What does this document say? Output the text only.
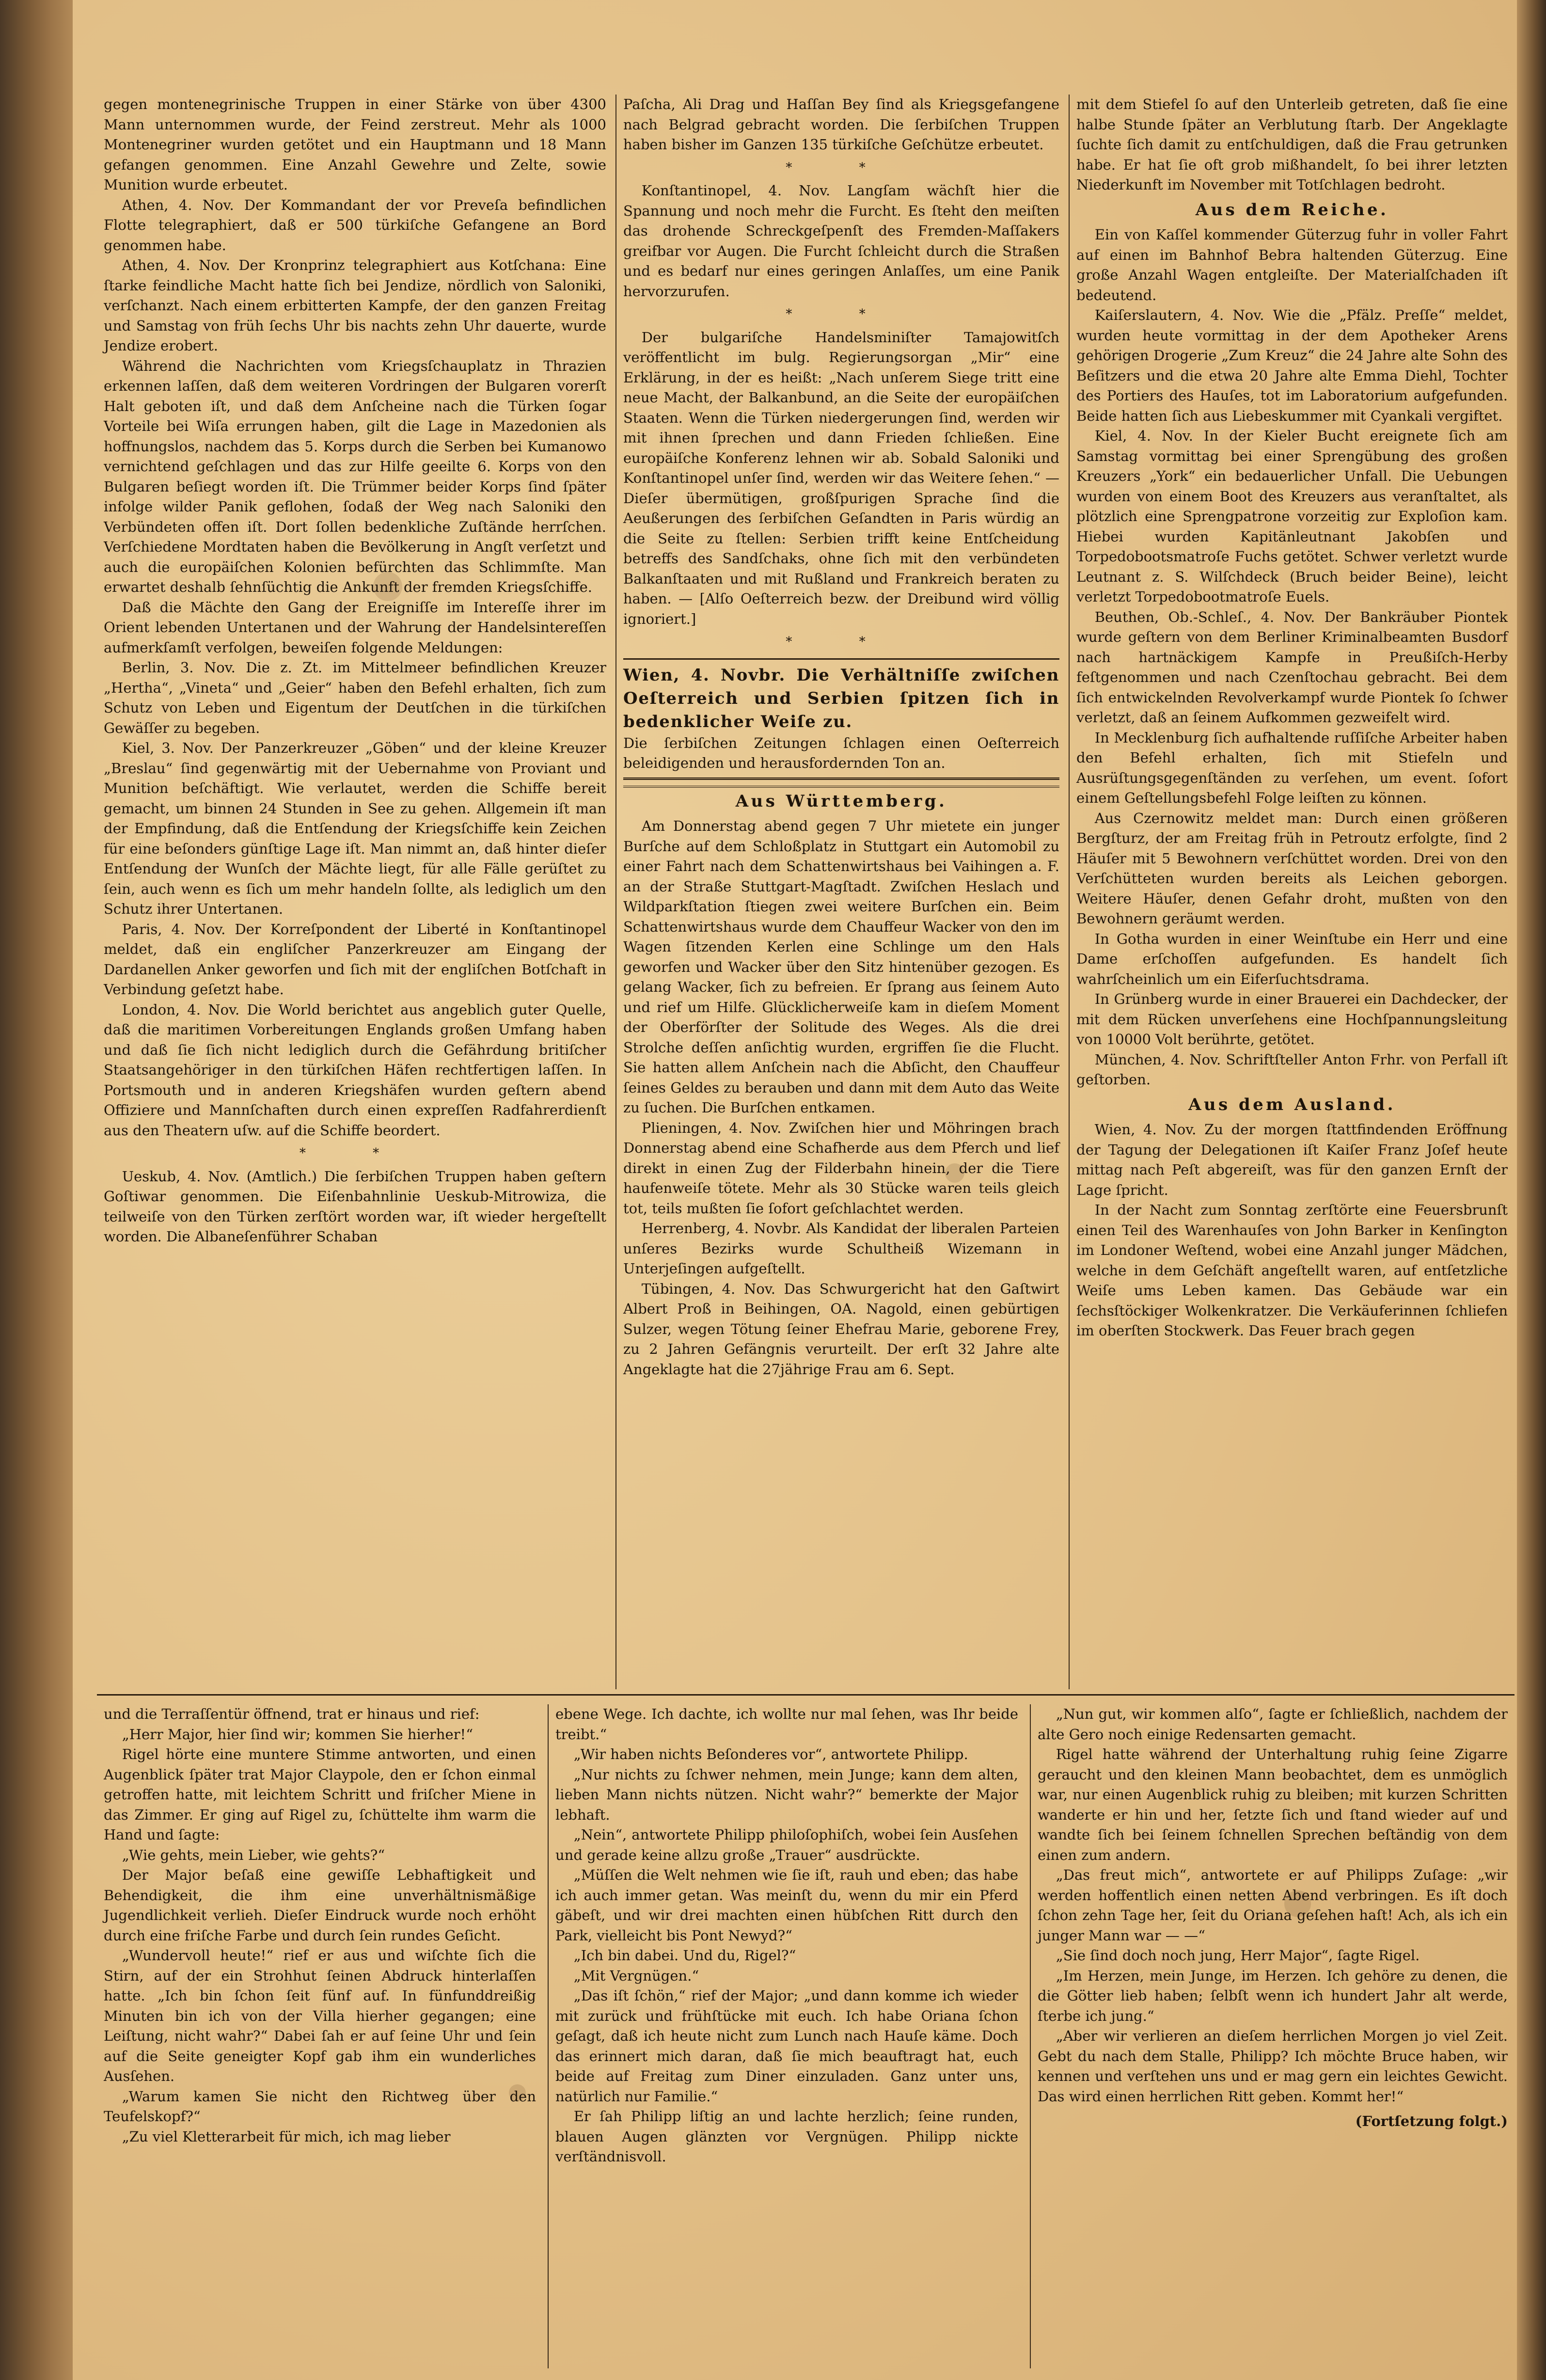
gegen montenegrinische Truppen in einer Stärke von über 4300 Mann unternommen wurde, der Feind zerstreut. Mehr als 1000 Montenegriner wurden getötet und ein Hauptmann und 18 Mann gefangen genommen. Eine Anzahl Gewehre und Zelte, sowie Munition wurde erbeutet.

Athen, 4. Nov. Der Kommandant der vor Preveſa befindlichen Flotte telegraphiert, daß er 500 türkiſche Gefangene an Bord genommen habe.

Athen, 4. Nov. Der Kronprinz telegraphiert aus Kotſchana: Eine ſtarke feindliche Macht hatte ſich bei Jendize, nördlich von Saloniki, verſchanzt. Nach einem erbitterten Kampfe, der den ganzen Freitag und Samstag von früh ſechs Uhr bis nachts zehn Uhr dauerte, wurde Jendize erobert.

Während die Nachrichten vom Kriegsſchauplatz in Thrazien erkennen laſſen, daß dem weiteren Vordringen der Bulgaren vorerſt Halt geboten iſt, und daß dem Anſcheine nach die Türken ſogar Vorteile bei Wiſa errungen haben, gilt die Lage in Mazedonien als hoffnungslos, nachdem das 5. Korps durch die Serben bei Kumanowo vernichtend geſchlagen und das zur Hilfe geeilte 6. Korps von den Bulgaren beſiegt worden iſt. Die Trümmer beider Korps ſind ſpäter infolge wilder Panik geflohen, ſodaß der Weg nach Saloniki den Verbündeten offen iſt. Dort ſollen bedenkliche Zuſtände herrſchen. Verſchiedene Mordtaten haben die Bevölkerung in Angſt verſetzt und auch die europäiſchen Kolonien befürchten das Schlimmſte. Man erwartet deshalb ſehnſüchtig die Ankunft der fremden Kriegsſchiffe.

Daß die Mächte den Gang der Ereigniſſe im Intereſſe ihrer im Orient lebenden Untertanen und der Wahrung der Handelsintereſſen aufmerkſamſt verfolgen, beweiſen folgende Meldungen:

Berlin, 3. Nov. Die z. Zt. im Mittelmeer befindlichen Kreuzer „Hertha“, „Vineta“ und „Geier“ haben den Befehl erhalten, ſich zum Schutz von Leben und Eigentum der Deutſchen in die türkiſchen Gewäſſer zu begeben.

Kiel, 3. Nov. Der Panzerkreuzer „Göben“ und der kleine Kreuzer „Breslau“ ſind gegenwärtig mit der Uebernahme von Proviant und Munition beſchäftigt. Wie verlautet, werden die Schiffe bereit gemacht, um binnen 24 Stunden in See zu gehen. Allgemein iſt man der Empfindung, daß die Entſendung der Kriegsſchiffe kein Zeichen für eine beſonders günſtige Lage iſt. Man nimmt an, daß hinter dieſer Entſendung der Wunſch der Mächte liegt, für alle Fälle gerüſtet zu ſein, auch wenn es ſich um mehr handeln ſollte, als lediglich um den Schutz ihrer Untertanen.

Paris, 4. Nov. Der Korreſpondent der Liberté in Konſtantinopel meldet, daß ein engliſcher Panzerkreuzer am Eingang der Dardanellen Anker geworfen und ſich mit der engliſchen Botſchaft in Verbindung geſetzt habe.

London, 4. Nov. Die World berichtet aus angeblich guter Quelle, daß die maritimen Vorbereitungen Englands großen Umfang haben und daß ſie ſich nicht lediglich durch die Gefährdung britiſcher Staatsangehöriger in den türkiſchen Häfen rechtfertigen laſſen. In Portsmouth und in anderen Kriegshäfen wurden geſtern abend Offiziere und Mannſchaften durch einen expreſſen Radfahrerdienſt aus den Theatern uſw. auf die Schiffe beordert.

* *

Ueskub, 4. Nov. (Amtlich.) Die ſerbiſchen Truppen haben geſtern Goſtiwar genommen. Die Eiſenbahnlinie Ueskub-Mitrowiza, die teilweiſe von den Türken zerſtört worden war, iſt wieder hergeſtellt worden. Die Albaneſenführer Schaban

Paſcha, Ali Drag und Haſſan Bey ſind als Kriegsgefangene nach Belgrad gebracht worden. Die ſerbiſchen Truppen haben bisher im Ganzen 135 türkiſche Geſchütze erbeutet.

* *

Konſtantinopel, 4. Nov. Langſam wächſt hier die Spannung und noch mehr die Furcht. Es ſteht den meiſten das drohende Schreckgeſpenſt des Fremden-Maſſakers greifbar vor Augen. Die Furcht ſchleicht durch die Straßen und es bedarf nur eines geringen Anlaſſes, um eine Panik hervorzurufen.

* *

Der bulgariſche Handelsminiſter Tamajowitſch veröffentlicht im bulg. Regierungsorgan „Mir“ eine Erklärung, in der es heißt: „Nach unſerem Siege tritt eine neue Macht, der Balkanbund, an die Seite der europäiſchen Staaten. Wenn die Türken niedergerungen ſind, werden wir mit ihnen ſprechen und dann Frieden ſchließen. Eine europäiſche Konferenz lehnen wir ab. Sobald Saloniki und Konſtantinopel unſer ſind, werden wir das Weitere ſehen.“ — Dieſer übermütigen, großſpurigen Sprache ſind die Aeußerungen des ſerbiſchen Geſandten in Paris würdig an die Seite zu ſtellen: Serbien trifft keine Entſcheidung betreffs des Sandſchaks, ohne ſich mit den verbündeten Balkanſtaaten und mit Rußland und Frankreich beraten zu haben. — [Alſo Oeſterreich bezw. der Dreibund wird völlig ignoriert.]

* *

Wien, 4. Novbr. Die Verhältniſſe zwiſchen Oeſterreich und Serbien ſpitzen ſich in bedenklicher Weiſe zu.

Die ſerbiſchen Zeitungen ſchlagen einen Oeſterreich beleidigenden und herausfordernden Ton an.

Aus Württemberg.

Am Donnerstag abend gegen 7 Uhr mietete ein junger Burſche auf dem Schloßplatz in Stuttgart ein Automobil zu einer Fahrt nach dem Schattenwirtshaus bei Vaihingen a. F. an der Straße Stuttgart-Magſtadt. Zwiſchen Heslach und Wildparkſtation ſtiegen zwei weitere Burſchen ein. Beim Schattenwirtshaus wurde dem Chauffeur Wacker von den im Wagen ſitzenden Kerlen eine Schlinge um den Hals geworfen und Wacker über den Sitz hintenüber gezogen. Es gelang Wacker, ſich zu befreien. Er ſprang aus ſeinem Auto und rief um Hilfe. Glücklicherweiſe kam in dieſem Moment der Oberförſter der Solitude des Weges. Als die drei Strolche deſſen anſichtig wurden, ergriffen ſie die Flucht. Sie hatten allem Anſchein nach die Abſicht, den Chauffeur ſeines Geldes zu berauben und dann mit dem Auto das Weite zu ſuchen. Die Burſchen entkamen.

Plieningen, 4. Nov. Zwiſchen hier und Möhringen brach Donnerstag abend eine Schafherde aus dem Pferch und lief direkt in einen Zug der Filderbahn hinein, der die Tiere haufenweiſe tötete. Mehr als 30 Stücke waren teils gleich tot, teils mußten ſie ſofort geſchlachtet werden.

Herrenberg, 4. Novbr. Als Kandidat der liberalen Parteien unſeres Bezirks wurde Schultheiß Wizemann in Unterjeſingen aufgeſtellt.

Tübingen, 4. Nov. Das Schwurgericht hat den Gaſtwirt Albert Proß in Beihingen, OA. Nagold, einen gebürtigen Sulzer, wegen Tötung ſeiner Ehefrau Marie, geborene Frey, zu 2 Jahren Gefängnis verurteilt. Der erſt 32 Jahre alte Angeklagte hat die 27jährige Frau am 6. Sept.

mit dem Stiefel ſo auf den Unterleib getreten, daß ſie eine halbe Stunde ſpäter an Verblutung ſtarb. Der Angeklagte ſuchte ſich damit zu entſchuldigen, daß die Frau getrunken habe. Er hat ſie oft grob mißhandelt, ſo bei ihrer letzten Niederkunft im November mit Totſchlagen bedroht.

Aus dem Reiche.

Ein von Kaſſel kommender Güterzug fuhr in voller Fahrt auf einen im Bahnhof Bebra haltenden Güterzug. Eine große Anzahl Wagen entgleiſte. Der Materialſchaden iſt bedeutend.

Kaiſerslautern, 4. Nov. Wie die „Pfälz. Preſſe“ meldet, wurden heute vormittag in der dem Apotheker Arens gehörigen Drogerie „Zum Kreuz“ die 24 Jahre alte Sohn des Beſitzers und die etwa 20 Jahre alte Emma Diehl, Tochter des Portiers des Hauſes, tot im Laboratorium aufgefunden. Beide hatten ſich aus Liebeskummer mit Cyankali vergiftet.

Kiel, 4. Nov. In der Kieler Bucht ereignete ſich am Samstag vormittag bei einer Sprengübung des großen Kreuzers „York“ ein bedauerlicher Unfall. Die Uebungen wurden von einem Boot des Kreuzers aus veranſtaltet, als plötzlich eine Sprengpatrone vorzeitig zur Exploſion kam. Hiebei wurden Kapitänleutnant Jakobſen und Torpedobootsmatroſe Fuchs getötet. Schwer verletzt wurde Leutnant z. S. Wilſchdeck (Bruch beider Beine), leicht verletzt Torpedobootmatroſe Euels.

Beuthen, Ob.-Schleſ., 4. Nov. Der Bankräuber Piontek wurde geſtern von dem Berliner Kriminalbeamten Busdorf nach hartnäckigem Kampfe in Preußiſch-Herby feſtgenommen und nach Czenſtochau gebracht. Bei dem ſich entwickelnden Revolverkampf wurde Piontek ſo ſchwer verletzt, daß an ſeinem Aufkommen gezweifelt wird.

In Mecklenburg ſich aufhaltende ruſſiſche Arbeiter haben den Befehl erhalten, ſich mit Stiefeln und Ausrüſtungsgegenſtänden zu verſehen, um event. ſofort einem Geſtellungsbefehl Folge leiſten zu können.

Aus Czernowitz meldet man: Durch einen größeren Bergſturz, der am Freitag früh in Petroutz erfolgte, ſind 2 Häuſer mit 5 Bewohnern verſchüttet worden. Drei von den Verſchütteten wurden bereits als Leichen geborgen. Weitere Häuſer, denen Gefahr droht, mußten von den Bewohnern geräumt werden.

In Gotha wurden in einer Weinſtube ein Herr und eine Dame erſchoſſen aufgefunden. Es handelt ſich wahrſcheinlich um ein Eiferſuchtsdrama.

In Grünberg wurde in einer Brauerei ein Dachdecker, der mit dem Rücken unverſehens eine Hochſpannungsleitung von 10000 Volt berührte, getötet.

München, 4. Nov. Schriftſteller Anton Frhr. von Perfall iſt geſtorben.

Aus dem Ausland.

Wien, 4. Nov. Zu der morgen ſtattfindenden Eröffnung der Tagung der Delegationen iſt Kaiſer Franz Joſef heute mittag nach Peſt abgereiſt, was für den ganzen Ernſt der Lage ſpricht.

In der Nacht zum Sonntag zerſtörte eine Feuersbrunſt einen Teil des Warenhauſes von John Barker in Kenſington im Londoner Weſtend, wobei eine Anzahl junger Mädchen, welche in dem Geſchäft angeſtellt waren, auf entſetzliche Weiſe ums Leben kamen. Das Gebäude war ein ſechsſtöckiger Wolkenkratzer. Die Verkäuferinnen ſchliefen im oberſten Stockwerk. Das Feuer brach gegen

und die Terraſſentür öffnend, trat er hinaus und rief:

„Herr Major, hier ſind wir; kommen Sie hierher!“

Rigel hörte eine muntere Stimme antworten, und einen Augenblick ſpäter trat Major Claypole, den er ſchon einmal getroffen hatte, mit leichtem Schritt und friſcher Miene in das Zimmer. Er ging auf Rigel zu, ſchüttelte ihm warm die Hand und ſagte:

„Wie gehts, mein Lieber, wie gehts?“

Der Major beſaß eine gewiſſe Lebhaftigkeit und Behendigkeit, die ihm eine unverhältnismäßige Jugendlichkeit verlieh. Dieſer Eindruck wurde noch erhöht durch eine friſche Farbe und durch ſein rundes Geſicht.

„Wundervoll heute!“ rief er aus und wiſchte ſich die Stirn, auf der ein Strohhut ſeinen Abdruck hinterlaſſen hatte. „Ich bin ſchon ſeit fünf auf. In fünfunddreißig Minuten bin ich von der Villa hierher gegangen; eine Leiſtung, nicht wahr?“ Dabei ſah er auf ſeine Uhr und ſein auf die Seite geneigter Kopf gab ihm ein wunderliches Ausſehen.

„Warum kamen Sie nicht den Richtweg über den Teufelskopf?“

„Zu viel Kletterarbeit für mich, ich mag lieber

ebene Wege. Ich dachte, ich wollte nur mal ſehen, was Ihr beide treibt.“

„Wir haben nichts Beſonderes vor“, antwortete Philipp.

„Nur nichts zu ſchwer nehmen, mein Junge; kann dem alten, lieben Mann nichts nützen. Nicht wahr?“ bemerkte der Major lebhaft.

„Nein“, antwortete Philipp philoſophiſch, wobei ſein Ausſehen und gerade keine allzu große „Trauer“ ausdrückte.

„Müſſen die Welt nehmen wie ſie iſt, rauh und eben; das habe ich auch immer getan. Was meinſt du, wenn du mir ein Pferd gäbeſt, und wir drei machten einen hübſchen Ritt durch den Park, vielleicht bis Pont Newyd?“

„Ich bin dabei. Und du, Rigel?“

„Mit Vergnügen.“

„Das iſt ſchön,“ rief der Major; „und dann komme ich wieder mit zurück und frühſtücke mit euch. Ich habe Oriana ſchon geſagt, daß ich heute nicht zum Lunch nach Hauſe käme. Doch das erinnert mich daran, daß ſie mich beauftragt hat, euch beide auf Freitag zum Diner einzuladen. Ganz unter uns, natürlich nur Familie.“

Er ſah Philipp liſtig an und lachte herzlich; ſeine runden, blauen Augen glänzten vor Vergnügen. Philipp nickte verſtändnisvoll.

„Nun gut, wir kommen alſo“, ſagte er ſchließlich, nachdem der alte Gero noch einige Redensarten gemacht.

Rigel hatte während der Unterhaltung ruhig ſeine Zigarre geraucht und den kleinen Mann beobachtet, dem es unmöglich war, nur einen Augenblick ruhig zu bleiben; mit kurzen Schritten wanderte er hin und her, ſetzte ſich und ſtand wieder auf und wandte ſich bei ſeinem ſchnellen Sprechen beſtändig von dem einen zum andern.

„Das freut mich“, antwortete er auf Philipps Zuſage: „wir werden hoffentlich einen netten Abend verbringen. Es iſt doch ſchon zehn Tage her, ſeit du Oriana geſehen haſt! Ach, als ich ein junger Mann war — —“

„Sie ſind doch noch jung, Herr Major“, ſagte Rigel.

„Im Herzen, mein Junge, im Herzen. Ich gehöre zu denen, die die Götter lieb haben; ſelbſt wenn ich hundert Jahr alt werde, ſterbe ich jung.“

„Aber wir verlieren an dieſem herrlichen Morgen jo viel Zeit. Gebt du nach dem Stalle, Philipp? Ich möchte Bruce haben, wir kennen und verſtehen uns und er mag gern ein leichtes Gewicht. Das wird einen herrlichen Ritt geben. Kommt her!“

(Fortſetzung folgt.)
